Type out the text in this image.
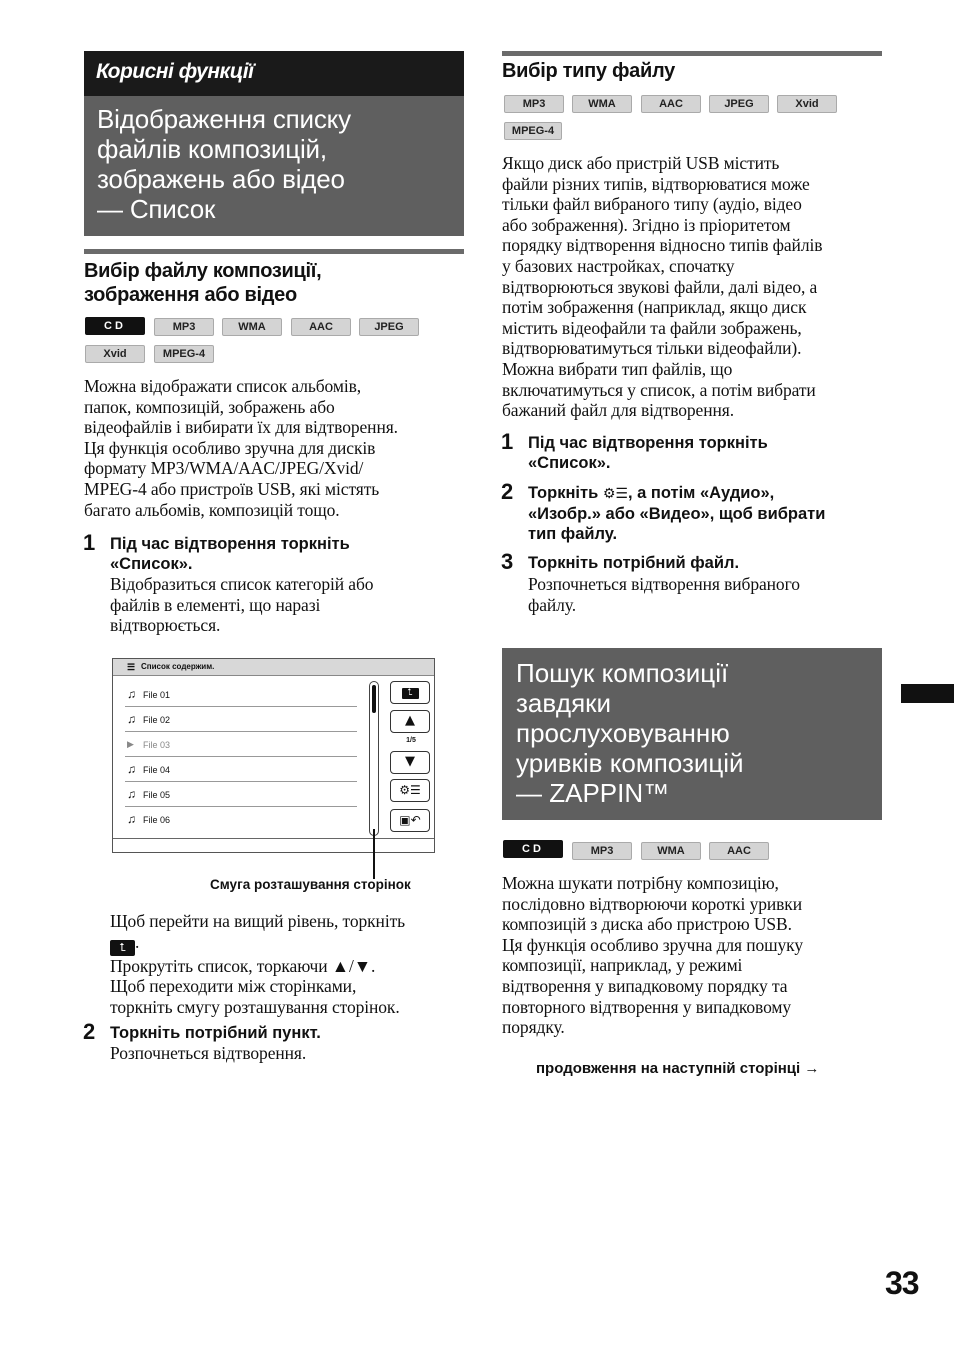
Корисні функції
Відображення списку
файлів композицій,
зображень або відео
— Список
Вибір файлу композиції,
зображення або відео
CD	MP3	WMA	AAC	JPEG
Xvid	MPEG-4
Можна відображати список альбомів,
папок, композицій, зображень або
відеофайлів і вибирати їх для відтворення.
Ця функція особливо зручна для дисків
формату MP3/WMA/AAC/JPEG/Xvid/
MPEG-4 або пристроїв USB, які містять
багато альбомів, композицій тощо.
1 Під час відтворення торкніть
«Список».
Відобразиться список категорій або
файлів в елементі, що наразі
відтворюється.
☰ Список содержим.
♫ File 01
♫ File 02
▶ File 03
♫ File 04
♫ File 05
♫ File 06
⮤
▲
1/5
▼
⚙☰
▣↶
Смуга розташування сторінок
Щоб перейти на вищий рівень, торкніть
⮤ .
Прокрутіть список, торкаючи ▲/▼.
Щоб переходити між сторінками,
торкніть смугу розташування сторінок.
2 Торкніть потрібний пункт.
Розпочнеться відтворення.
Вибір типу файлу
MP3	WMA	AAC	JPEG	Xvid
MPEG-4
Якщо диск або пристрій USB містить
файли різних типів, відтворюватися може
тільки файл вибраного типу (аудіо, відео
або зображення). Згідно із пріоритетом
порядку відтворення відносно типів файлів
у базових настройках, спочатку
відтворюються звукові файли, далі відео, а
потім зображення (наприклад, якщо диск
містить відеофайли та файли зображень,
відтворюватимуться тільки відеофайли).
Можна вибрати тип файлів, що
включатимуться у список, а потім вибрати
бажаний файл для відтворення.
1 Під час відтворення торкніть
«Список».
2 Торкніть ⚙☰, а потім «Аудио»,
«Изобр.» або «Видео», щоб вибрати
тип файлу.
3 Торкніть потрібний файл.
Розпочнеться відтворення вибраного
файлу.
Пошук композиції
завдяки
прослуховуванню
уривків композицій
— ZAPPIN™
CD	MP3	WMA	AAC
Можна шукати потрібну композицію,
послідовно відтворюючи короткі уривки
композицій з диска або пристрою USB.
Ця функція особливо зручна для пошуку
композиції, наприклад, у режимі
відтворення у випадковому порядку та
повторного відтворення у випадковому
порядку.
продовження на наступній сторінці →
33
